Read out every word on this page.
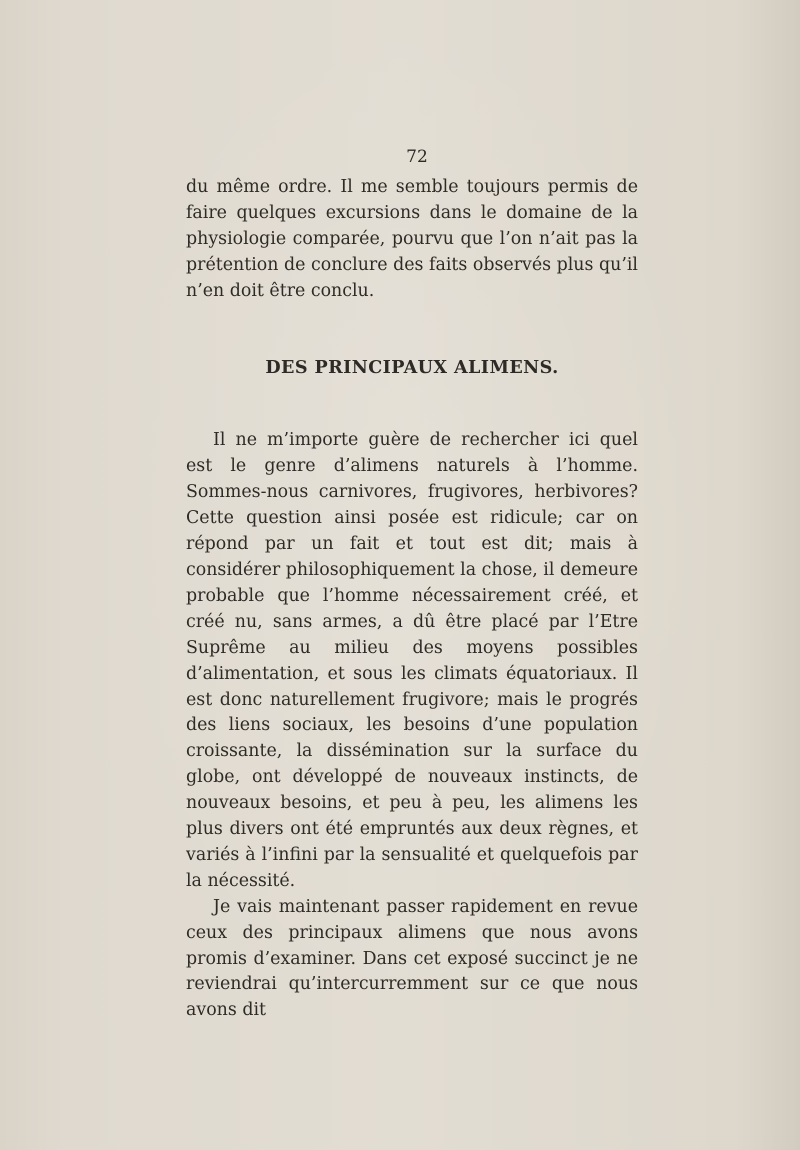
72

du même ordre. Il me semble toujours permis de faire quelques excursions dans le domaine de la physiologie comparée, pourvu que l’on n’ait pas la prétention de conclure des faits observés plus qu’il n’en doit être conclu.

DES PRINCIPAUX ALIMENS.

Il ne m’importe guère de rechercher ici quel est le genre d’alimens naturels à l’homme. Sommes-nous carnivores, frugivores, herbivores? Cette question ainsi posée est ridicule; car on répond par un fait et tout est dit; mais à considérer philosophiquement la chose, il demeure probable que l’homme nécessairement créé, et créé nu, sans armes, a dû être placé par l’Etre Suprême au milieu des moyens possibles d’alimentation, et sous les climats équatoriaux. Il est donc naturellement frugivore; mais le progrés des liens sociaux, les besoins d’une population croissante, la dissémination sur la surface du globe, ont développé de nouveaux instincts, de nouveaux besoins, et peu à peu, les alimens les plus divers ont été empruntés aux deux règnes, et variés à l’infini par la sensualité et quelquefois par la nécessité.

Je vais maintenant passer rapidement en revue ceux des principaux alimens que nous avons promis d’examiner. Dans cet exposé succinct je ne reviendrai qu’intercurremment sur ce que nous avons dit
